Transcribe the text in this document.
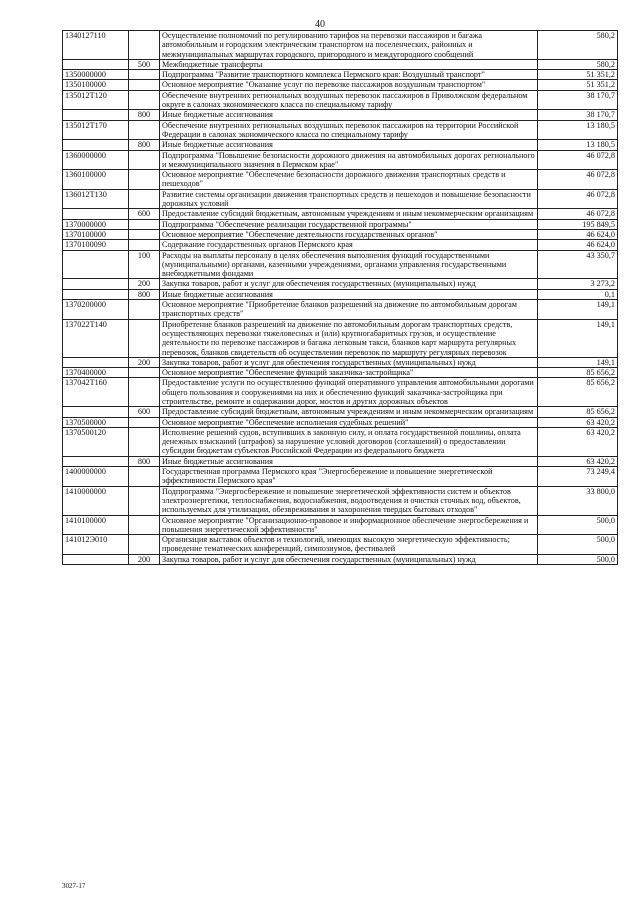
40
1340127110		Осуществление полномочий по регулированию тарифов на перевозки пассажиров и багажа автомобильным и городским электрическим транспортом на поселенческих, районных и межмуниципальных маршрутах городского, пригородного и междугородного сообщений	580,2
	500	Межбюджетные трансферты	580,2
1350000000		Подпрограмма "Развитие транспортного комплекса Пермского края: Воздушный транспорт"	51 351,2
1350100000		Основное мероприятие "Оказание услуг по перевозке пассажиров воздушным транспортом"	51 351,2
135012Т120		Обеспечение внутренних региональных воздушных перевозок пассажиров в Приволжском федеральном округе в салонах экономического класса по специальному тарифу	38 170,7
	800	Иные бюджетные ассигнования	38 170,7
135012Т170		Обеспечение внутренних региональных воздушных перевозок пассажиров на территории Российской Федерации в салонах экономического класса по специальному тарифу	13 180,5
	800	Иные бюджетные ассигнования	13 180,5
1360000000		Подпрограмма "Повышение безопасности дорожного движения на автомобильных дорогах регионального и межмуниципального значения в Пермском крае"	46 072,8
1360100000		Основное мероприятие "Обеспечение безопасности дорожного движения транспортных средств и пешеходов"	46 072,8
136012Т130		Развитие системы организации движения транспортных средств и пешеходов и повышение безопасности дорожных условий	46 072,8
	600	Предоставление субсидий бюджетным, автономным учреждениям и иным некоммерческим организациям	46 072,8
1370000000		Подпрограмма "Обеспечение реализации государственной программы"	195 849,5
1370100000		Основное мероприятие "Обеспечение деятельности государственных органов"	46 624,0
1370100090		Содержание государственных органов Пермского края	46 624,0
	100	Расходы на выплаты персоналу в целях обеспечения выполнения функций государственными (муниципальными) органами, казенными учреждениями, органами управления государственными внебюджетными фондами	43 350,7
	200	Закупка товаров, работ и услуг для обеспечения государственных (муниципальных) нужд	3 273,2
	800	Иные бюджетные ассигнования	0,1
1370200000		Основное мероприятие "Приобретение бланков разрешений на движение по автомобильным дорогам транспортных средств"	149,1
137022Т140		Приобретение бланков разрешений на движение по автомобильным дорогам транспортных средств, осуществляющих перевозки тяжеловесных и (или) крупногабаритных грузов, и осуществление деятельности по перевозке пассажиров и багажа легковым такси, бланков карт маршрута регулярных перевозок, бланков свидетельств об осуществлении перевозок по маршруту регулярных перевозок	149,1
	200	Закупка товаров, работ и услуг для обеспечения государственных (муниципальных) нужд	149,1
1370400000		Основное мероприятие "Обеспечение функций заказчика-застройщика"	85 656,2
137042Т160		Предоставление услуги по осуществлению функций оперативного управления автомобильными дорогами общего пользования и сооружениями на них и обеспечению функций заказчика-застройщика при строительстве, ремонте и содержании дорог, мостов и других дорожных объектов	85 656,2
	600	Предоставление субсидий бюджетным, автономным учреждениям и иным некоммерческим организациям	85 656,2
1370500000		Основное мероприятие "Обеспечение исполнения судебных решений"	63 420,2
1370500120		Исполнение решений судов, вступивших в законную силу, и оплата государственной пошлины, оплата денежных взысканий (штрафов) за нарушение условий договоров (соглашений) о предоставлении субсидии бюджетам субъектов Российской Федерации из федерального бюджета	63 420,2
	800	Иные бюджетные ассигнования	63 420,2
1400000000		Государственная программа Пермского края "Энергосбережение и повышение энергетической эффективности Пермского края"	73 249,4
1410000000		Подпрограмма "Энергосбережение и повышение энергетической эффективности систем и объектов электроэнергетики, теплоснабжения, водоснабжения, водоотведения и очистки сточных вод, объектов, используемых для утилизации, обезвреживания и захоронения твердых бытовых отходов"	33 800,0
1410100000		Основное мероприятие "Организационно-правовое и информационное обеспечение энергосбережения и повышения энергетической эффективности"	500,0
141012Э010		Организация выставок объектов и технологий, имеющих высокую энергетическую эффективность; проведение тематических конференций, симпозиумов, фестивалей	500,0
	200	Закупка товаров, работ и услуг для обеспечения государственных (муниципальных) нужд	500,0
3027-17
